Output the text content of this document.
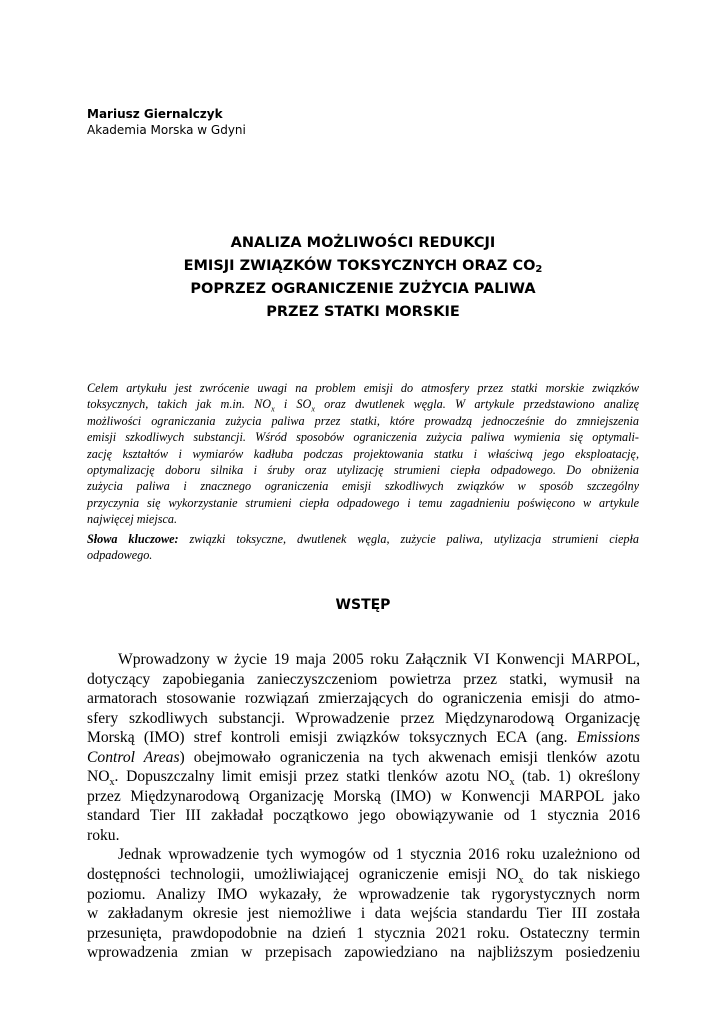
Mariusz Giernalczyk
Akademia Morska w Gdyni
ANALIZA MOŻLIWOŚCI REDUKCJI
EMISJI ZWIĄZKÓW TOKSYCZNYCH ORAZ $CO_2$
POPRZEZ OGRANICZENIE ZUŻYCIA PALIWA
PRZEZ STATKI MORSKIE

Celem artykułu jest zwrócenie uwagi na problem emisji do atmosfery przez statki morskie związków
toksycznych, takich jak m.in. $NO_x$ i $SO_x$ oraz dwutlenek węgla. W artykule przedstawiono analizę
możliwości ograniczania zużycia paliwa przez statki, które prowadzą jednocześnie do zmniejszenia
emisji szkodliwych substancji. Wśród sposobów ograniczenia zużycia paliwa wymienia się optymali-
zację kształtów i wymiarów kadłuba podczas projektowania statku i właściwą jego eksploatację,
optymalizację doboru silnika i śruby oraz utylizację strumieni ciepła odpadowego. Do obniżenia
zużycia paliwa i znacznego ograniczenia emisji szkodliwych związków w sposób szczególny
przyczynia się wykorzystanie strumieni ciepła odpadowego i temu zagadnieniu poświęcono w artykule
najwięcej miejsca.

Słowa kluczowe: związki toksyczne, dwutlenek węgla, zużycie paliwa, utylizacja strumieni ciepła
odpadowego.

WSTĘP

Wprowadzony w życie 19 maja 2005 roku Załącznik VI Konwencji MARPOL,
dotyczący zapobiegania zanieczyszczeniom powietrza przez statki, wymusił na
armatorach stosowanie rozwiązań zmierzających do ograniczenia emisji do atmo-
sfery szkodliwych substancji. Wprowadzenie przez Międzynarodową Organizację
Morską (IMO) stref kontroli emisji związków toksycznych ECA (ang. Emissions
Control Areas) obejmowało ograniczenia na tych akwenach emisji tlenków azotu
$NO_x$. Dopuszczalny limit emisji przez statki tlenków azotu $NO_x$ (tab. 1) określony
przez Międzynarodową Organizację Morską (IMO) w Konwencji MARPOL jako
standard Tier III zakładał początkowo jego obowiązywanie od 1 stycznia 2016
roku.

Jednak wprowadzenie tych wymogów od 1 stycznia 2016 roku uzależniono od
dostępności technologii, umożliwiającej ograniczenie emisji $NO_x$ do tak niskiego
poziomu. Analizy IMO wykazały, że wprowadzenie tak rygorystycznych norm
w zakładanym okresie jest niemożliwe i data wejścia standardu Tier III została
przesunięta, prawdopodobnie na dzień 1 stycznia 2021 roku. Ostateczny termin
wprowadzenia zmian w przepisach zapowiedziano na najbliższym posiedzeniu
